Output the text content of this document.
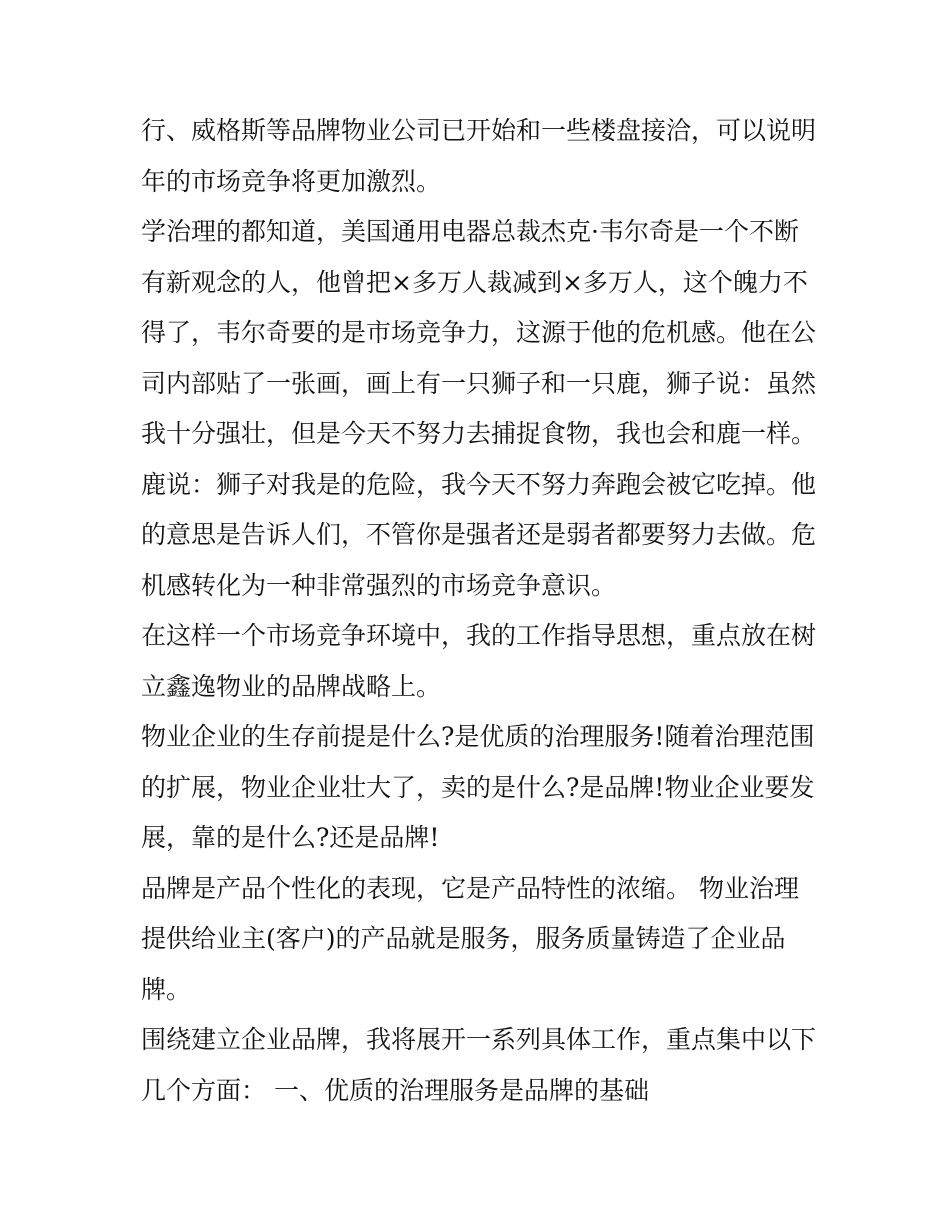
行、威格斯等品牌物业公司已开始和一些楼盘接洽，可以说明
年的市场竞争将更加激烈。
学治理的都知道，美国通用电器总裁杰克·韦尔奇是一个不断
有新观念的人，他曾把×多万人裁减到×多万人，这个魄力不
得了，韦尔奇要的是市场竞争力，这源于他的危机感。他在公
司内部贴了一张画，画上有一只狮子和一只鹿，狮子说：虽然
我十分强壮，但是今天不努力去捕捉食物，我也会和鹿一样。
鹿说：狮子对我是的危险，我今天不努力奔跑会被它吃掉。他
的意思是告诉人们，不管你是强者还是弱者都要努力去做。危
机感转化为一种非常强烈的市场竞争意识。
在这样一个市场竞争环境中，我的工作指导思想，重点放在树
立鑫逸物业的品牌战略上。
物业企业的生存前提是什么?是优质的治理服务!随着治理范围
的扩展，物业企业壮大了，卖的是什么?是品牌!物业企业要发
展，靠的是什么?还是品牌!
品牌是产品个性化的表现，它是产品特性的浓缩。 物业治理
提供给业主(客户)的产品就是服务，服务质量铸造了企业品
牌。
围绕建立企业品牌，我将展开一系列具体工作，重点集中以下
几个方面： 一、优质的治理服务是品牌的基础
